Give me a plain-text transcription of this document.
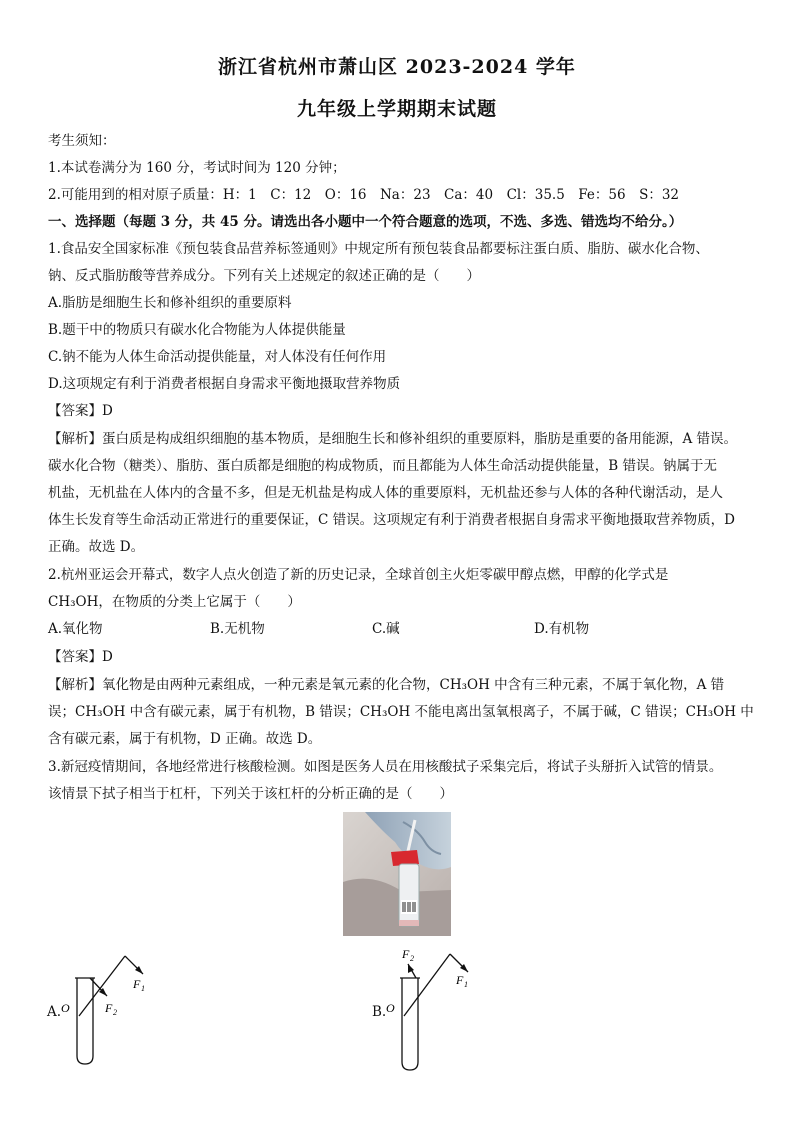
浙江省杭州市萧山区 2023-2024 学年
九年级上学期期末试题
考生须知：
1.本试卷满分为 160 分，考试时间为 120 分钟；
2.可能用到的相对原子质量：H：1　C：12　O：16　Na：23　Ca：40　Cl：35.5　Fe：56　S：32
一、选择题（每题 3 分，共 45 分。请选出各小题中一个符合题意的选项，不选、多选、错选均不给分。）
1.食品安全国家标准《预包装食品营养标签通则》中规定所有预包装食品都要标注蛋白质、脂肪、碳水化合物、
钠、反式脂肪酸等营养成分。下列有关上述规定的叙述正确的是（　　）
A.脂肪是细胞生长和修补组织的重要原料
B.题干中的物质只有碳水化合物能为人体提供能量
C.钠不能为人体生命活动提供能量，对人体没有任何作用
D.这项规定有利于消费者根据自身需求平衡地摄取营养物质
【答案】D
【解析】蛋白质是构成组织细胞的基本物质，是细胞生长和修补组织的重要原料，脂肪是重要的备用能源，A 错误。
碳水化合物（糖类）、脂肪、蛋白质都是细胞的构成物质，而且都能为人体生命活动提供能量，B 错误。钠属于无
机盐，无机盐在人体内的含量不多，但是无机盐是构成人体的重要原料，无机盐还参与人体的各种代谢活动，是人
体生长发育等生命活动正常进行的重要保证，C 错误。这项规定有利于消费者根据自身需求平衡地摄取营养物质，D
正确。故选 D。
2.杭州亚运会开幕式，数字人点火创造了新的历史记录，全球首创主火炬零碳甲醇点燃，甲醇的化学式是
CH₃OH，在物质的分类上它属于（　　）
A.氧化物	B.无机物	C.碱	D.有机物
【答案】D
【解析】氧化物是由两种元素组成，一种元素是氧元素的化合物，CH₃OH 中含有三种元素，不属于氧化物，A 错
误；CH₃OH 中含有碳元素，属于有机物，B 错误；CH₃OH 不能电离出氢氧根离子，不属于碱，C 错误；CH₃OH 中
含有碳元素，属于有机物，D 正确。故选 D。
3.新冠疫情期间，各地经常进行核酸检测。如图是医务人员在用核酸拭子采集完后，将试子头掰折入试管的情景。
该情景下拭子相当于杠杆，下列关于该杠杆的分析正确的是（　　）
A. O
F 1
F 2	B. O
F 1
F 2
